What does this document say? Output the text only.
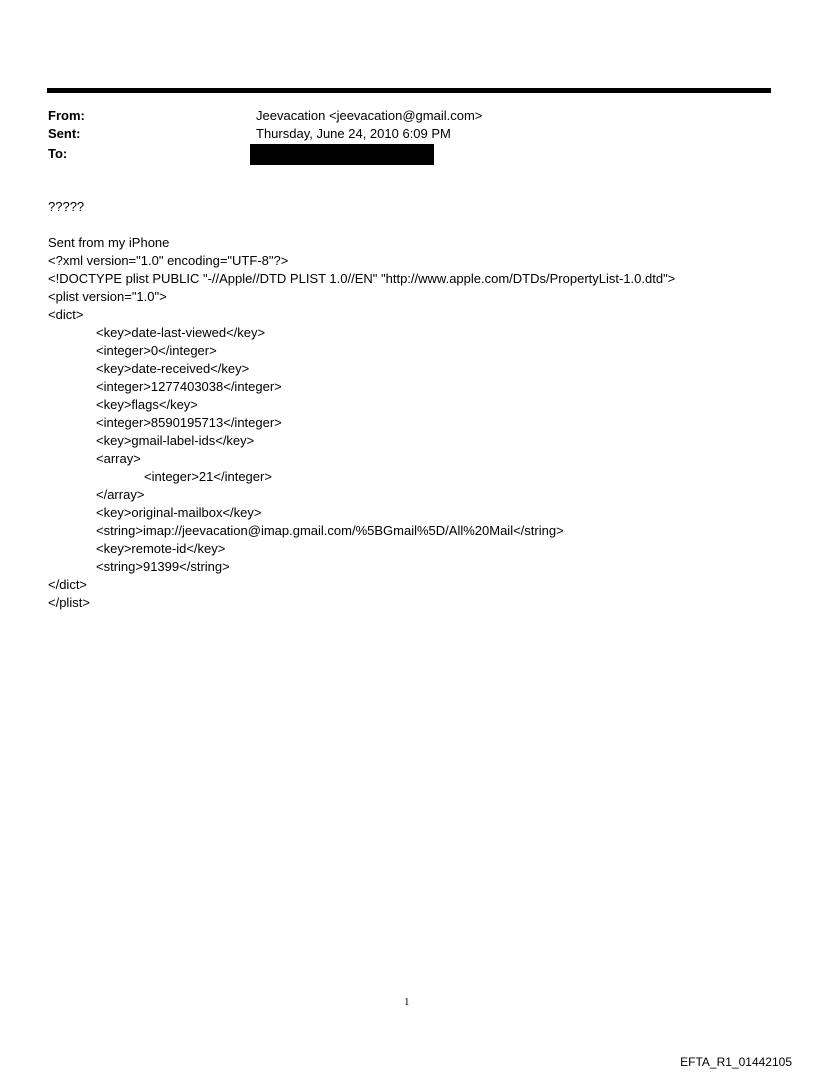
From:	Jeevacation <jeevacation@gmail.com>
Sent:	Thursday, June 24, 2010 6:09 PM
To:
?????
Sent from my iPhone
<?xml version="1.0" encoding="UTF-8"?>
<!DOCTYPE plist PUBLIC "-//Apple//DTD PLIST 1.0//EN" "http://www.apple.com/DTDs/PropertyList-1.0.dtd">
<plist version="1.0">
<dict>
<key>date-last-viewed</key>
<integer>0</integer>
<key>date-received</key>
<integer>1277403038</integer>
<key>flags</key>
<integer>8590195713</integer>
<key>gmail-label-ids</key>
<array>
<integer>21</integer>
</array>
<key>original-mailbox</key>
<string>imap://jeevacation@imap.gmail.com/%5BGmail%5D/All%20Mail</string>
<key>remote-id</key>
<string>91399</string>
</dict>
</plist>
1
EFTA_R1_01442105
